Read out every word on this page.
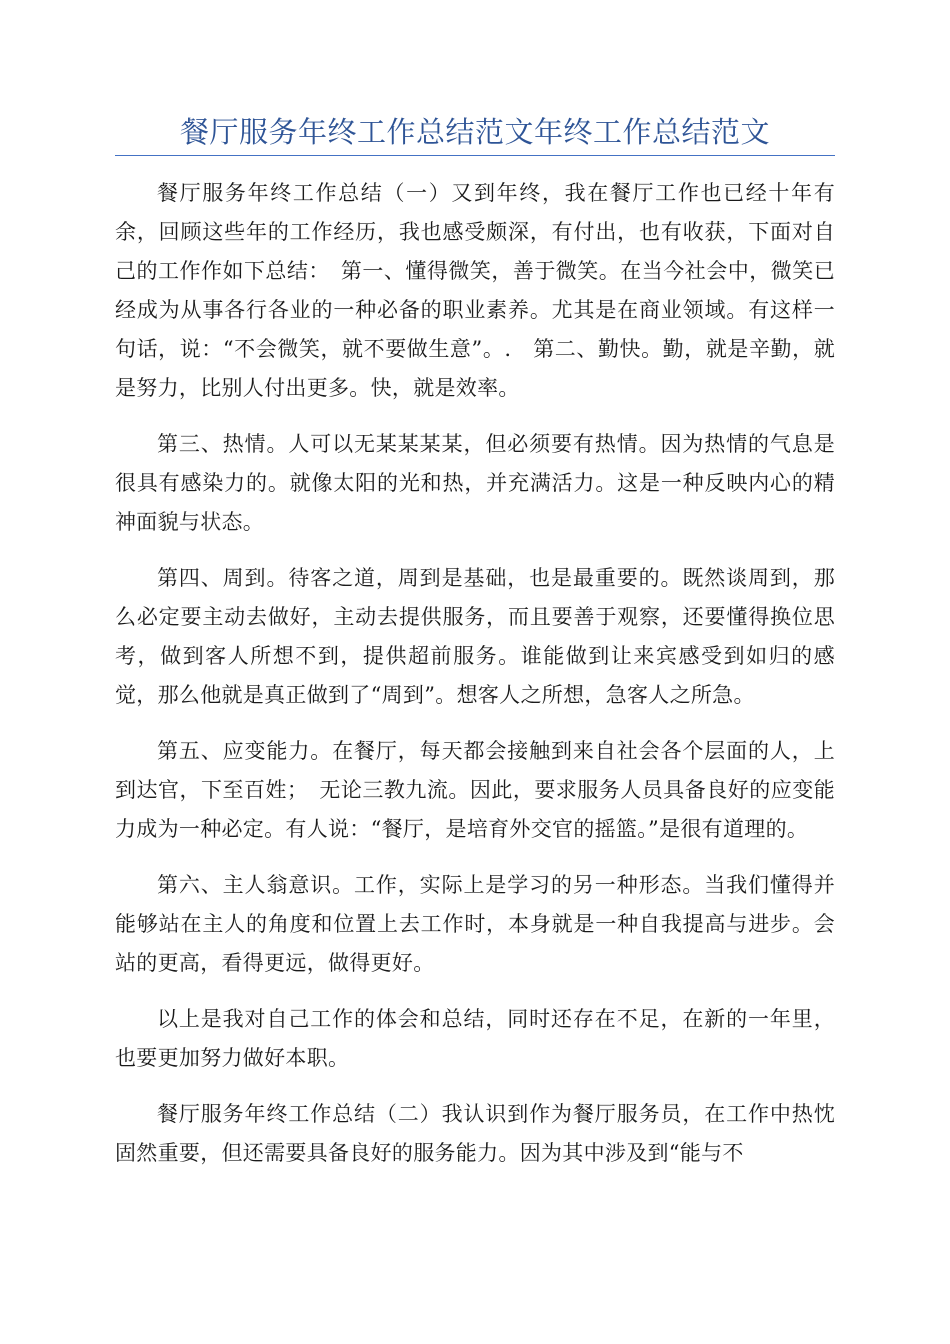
餐厅服务年终工作总结范文年终工作总结范文

餐厅服务年终工作总结（一）又到年终，我在餐厅工作也已经十年有余，回顾这些年的工作经历，我也感受颇深，有付出，也有收获，下面对自己的工作作如下总结：　第一、懂得微笑，善于微笑。在当今社会中，微笑已经成为从事各行各业的一种必备的职业素养。尤其是在商业领域。有这样一句话，说：“不会微笑，就不要做生意”。.　第二、勤快。勤，就是辛勤，就是努力，比别人付出更多。快，就是效率。

第三、热情。人可以无某某某某，但必须要有热情。因为热情的气息是很具有感染力的。就像太阳的光和热，并充满活力。这是一种反映内心的精神面貌与状态。

第四、周到。待客之道，周到是基础，也是最重要的。既然谈周到，那么必定要主动去做好，主动去提供服务，而且要善于观察，还要懂得换位思考，做到客人所想不到，提供超前服务。谁能做到让来宾感受到如归的感觉，那么他就是真正做到了“周到”。想客人之所想，急客人之所急。

第五、应变能力。在餐厅，每天都会接触到来自社会各个层面的人，上到达官，下至百姓；　无论三教九流。因此，要求服务人员具备良好的应变能力成为一种必定。有人说：“餐厅，是培育外交官的摇篮。”是很有道理的。

第六、主人翁意识。工作，实际上是学习的另一种形态。当我们懂得并能够站在主人的角度和位置上去工作时，本身就是一种自我提高与进步。会站的更高，看得更远，做得更好。

以上是我对自己工作的体会和总结，同时还存在不足，在新的一年里，也要更加努力做好本职。

餐厅服务年终工作总结（二）我认识到作为餐厅服务员，在工作中热忱固然重要，但还需要具备良好的服务能力。因为其中涉及到“能与不
